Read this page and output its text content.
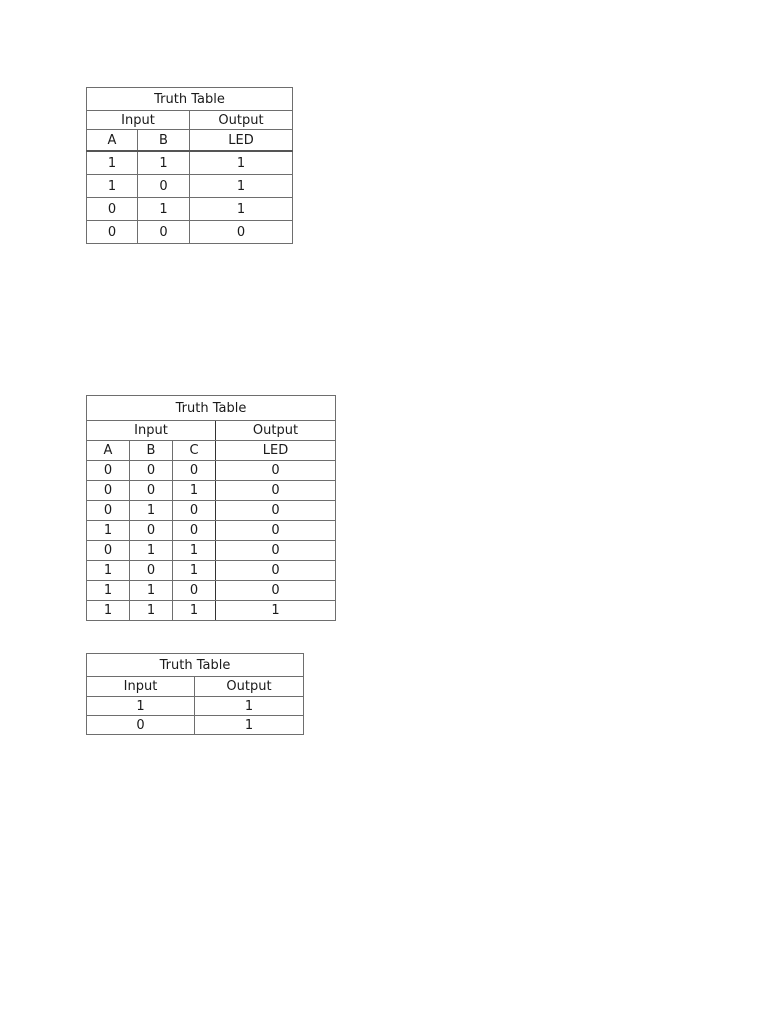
Truth Table		
Input		Output
A	B	LED
1	1	1
1	0	1
0	1	1
0	0	0
Truth Table			
Input			Output
A	B	C	LED
0	0	0	0
0	0	1	0
0	1	0	0
1	0	0	0
0	1	1	0
1	0	1	0
1	1	0	0
1	1	1	1
Truth Table	
Input	Output
1	1
0	1
